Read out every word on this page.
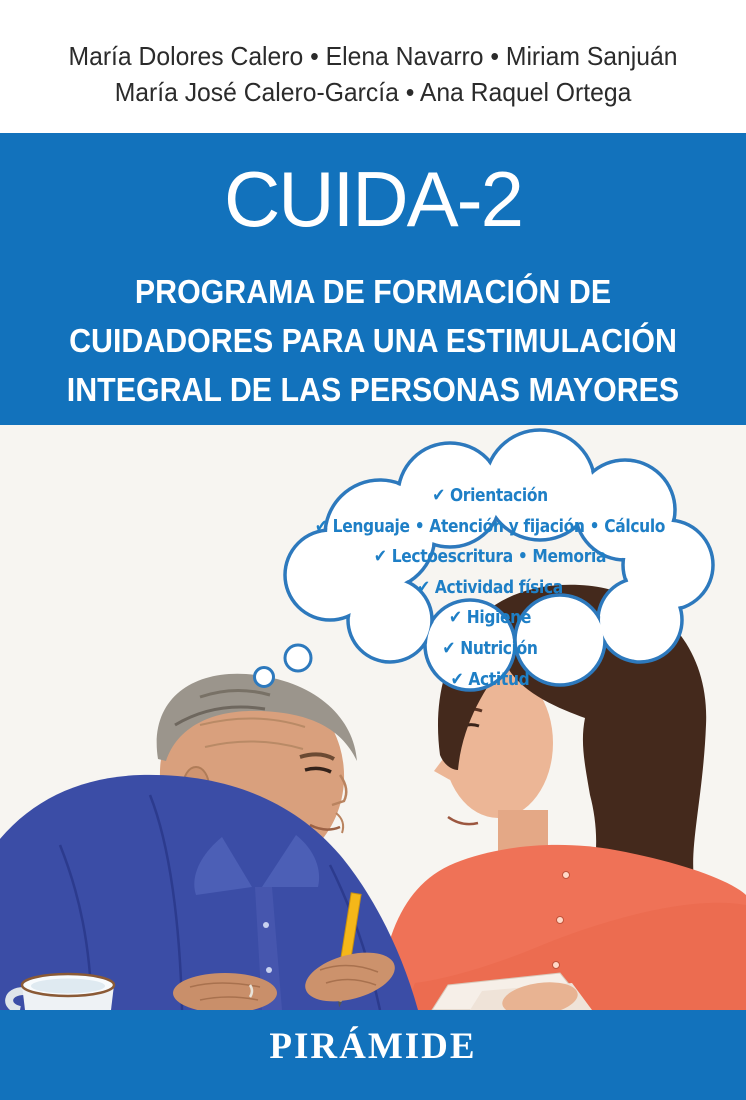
María Dolores Calero • Elena Navarro • Miriam Sanjuán
María José Calero-García • Ana Raquel Ortega
CUIDA-2
PROGRAMA DE FORMACIÓN DE
CUIDADORES PARA UNA ESTIMULACIÓN
INTEGRAL DE LAS PERSONAS MAYORES
✔ Orientación
✔ Lenguaje • Atención y fijación • Cálculo
✔ Lectoescritura • Memoria
✔ Actividad física
✔ Higiene
✔ Nutrición
✔ Actitud
PIRÁMIDE
